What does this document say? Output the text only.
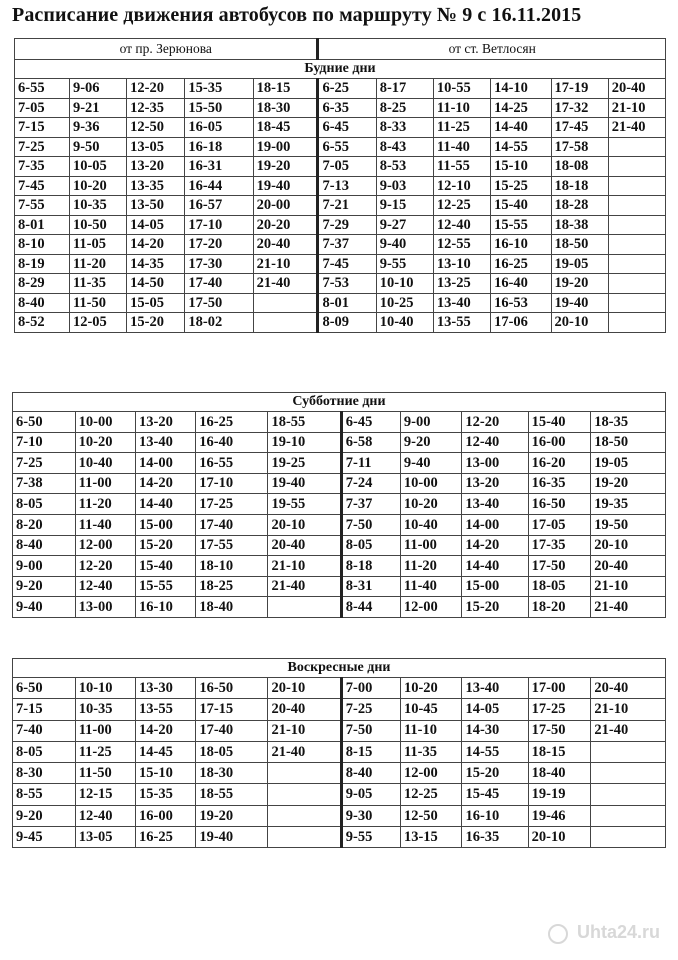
Расписание движения автобусов по маршруту № 9 с 16.11.2015
от пр. Зерюнова					от ст. Ветлосян					
Будние дни										
6-55	9-06	12-20	15-35	18-15	6-25	8-17	10-55	14-10	17-19	20-40
7-05	9-21	12-35	15-50	18-30	6-35	8-25	11-10	14-25	17-32	21-10
7-15	9-36	12-50	16-05	18-45	6-45	8-33	11-25	14-40	17-45	21-40
7-25	9-50	13-05	16-18	19-00	6-55	8-43	11-40	14-55	17-58	
7-35	10-05	13-20	16-31	19-20	7-05	8-53	11-55	15-10	18-08	
7-45	10-20	13-35	16-44	19-40	7-13	9-03	12-10	15-25	18-18	
7-55	10-35	13-50	16-57	20-00	7-21	9-15	12-25	15-40	18-28	
8-01	10-50	14-05	17-10	20-20	7-29	9-27	12-40	15-55	18-38	
8-10	11-05	14-20	17-20	20-40	7-37	9-40	12-55	16-10	18-50	
8-19	11-20	14-35	17-30	21-10	7-45	9-55	13-10	16-25	19-05	
8-29	11-35	14-50	17-40	21-40	7-53	10-10	13-25	16-40	19-20	
8-40	11-50	15-05	17-50		8-01	10-25	13-40	16-53	19-40	
8-52	12-05	15-20	18-02		8-09	10-40	13-55	17-06	20-10	
Субботние дни									
6-50	10-00	13-20	16-25	18-55	6-45	9-00	12-20	15-40	18-35
7-10	10-20	13-40	16-40	19-10	6-58	9-20	12-40	16-00	18-50
7-25	10-40	14-00	16-55	19-25	7-11	9-40	13-00	16-20	19-05
7-38	11-00	14-20	17-10	19-40	7-24	10-00	13-20	16-35	19-20
8-05	11-20	14-40	17-25	19-55	7-37	10-20	13-40	16-50	19-35
8-20	11-40	15-00	17-40	20-10	7-50	10-40	14-00	17-05	19-50
8-40	12-00	15-20	17-55	20-40	8-05	11-00	14-20	17-35	20-10
9-00	12-20	15-40	18-10	21-10	8-18	11-20	14-40	17-50	20-40
9-20	12-40	15-55	18-25	21-40	8-31	11-40	15-00	18-05	21-10
9-40	13-00	16-10	18-40		8-44	12-00	15-20	18-20	21-40
Воскресные дни									
6-50	10-10	13-30	16-50	20-10	7-00	10-20	13-40	17-00	20-40
7-15	10-35	13-55	17-15	20-40	7-25	10-45	14-05	17-25	21-10
7-40	11-00	14-20	17-40	21-10	7-50	11-10	14-30	17-50	21-40
8-05	11-25	14-45	18-05	21-40	8-15	11-35	14-55	18-15	
8-30	11-50	15-10	18-30		8-40	12-00	15-20	18-40	
8-55	12-15	15-35	18-55		9-05	12-25	15-45	19-19	
9-20	12-40	16-00	19-20		9-30	12-50	16-10	19-46	
9-45	13-05	16-25	19-40		9-55	13-15	16-35	20-10	
Uhta24.ru
